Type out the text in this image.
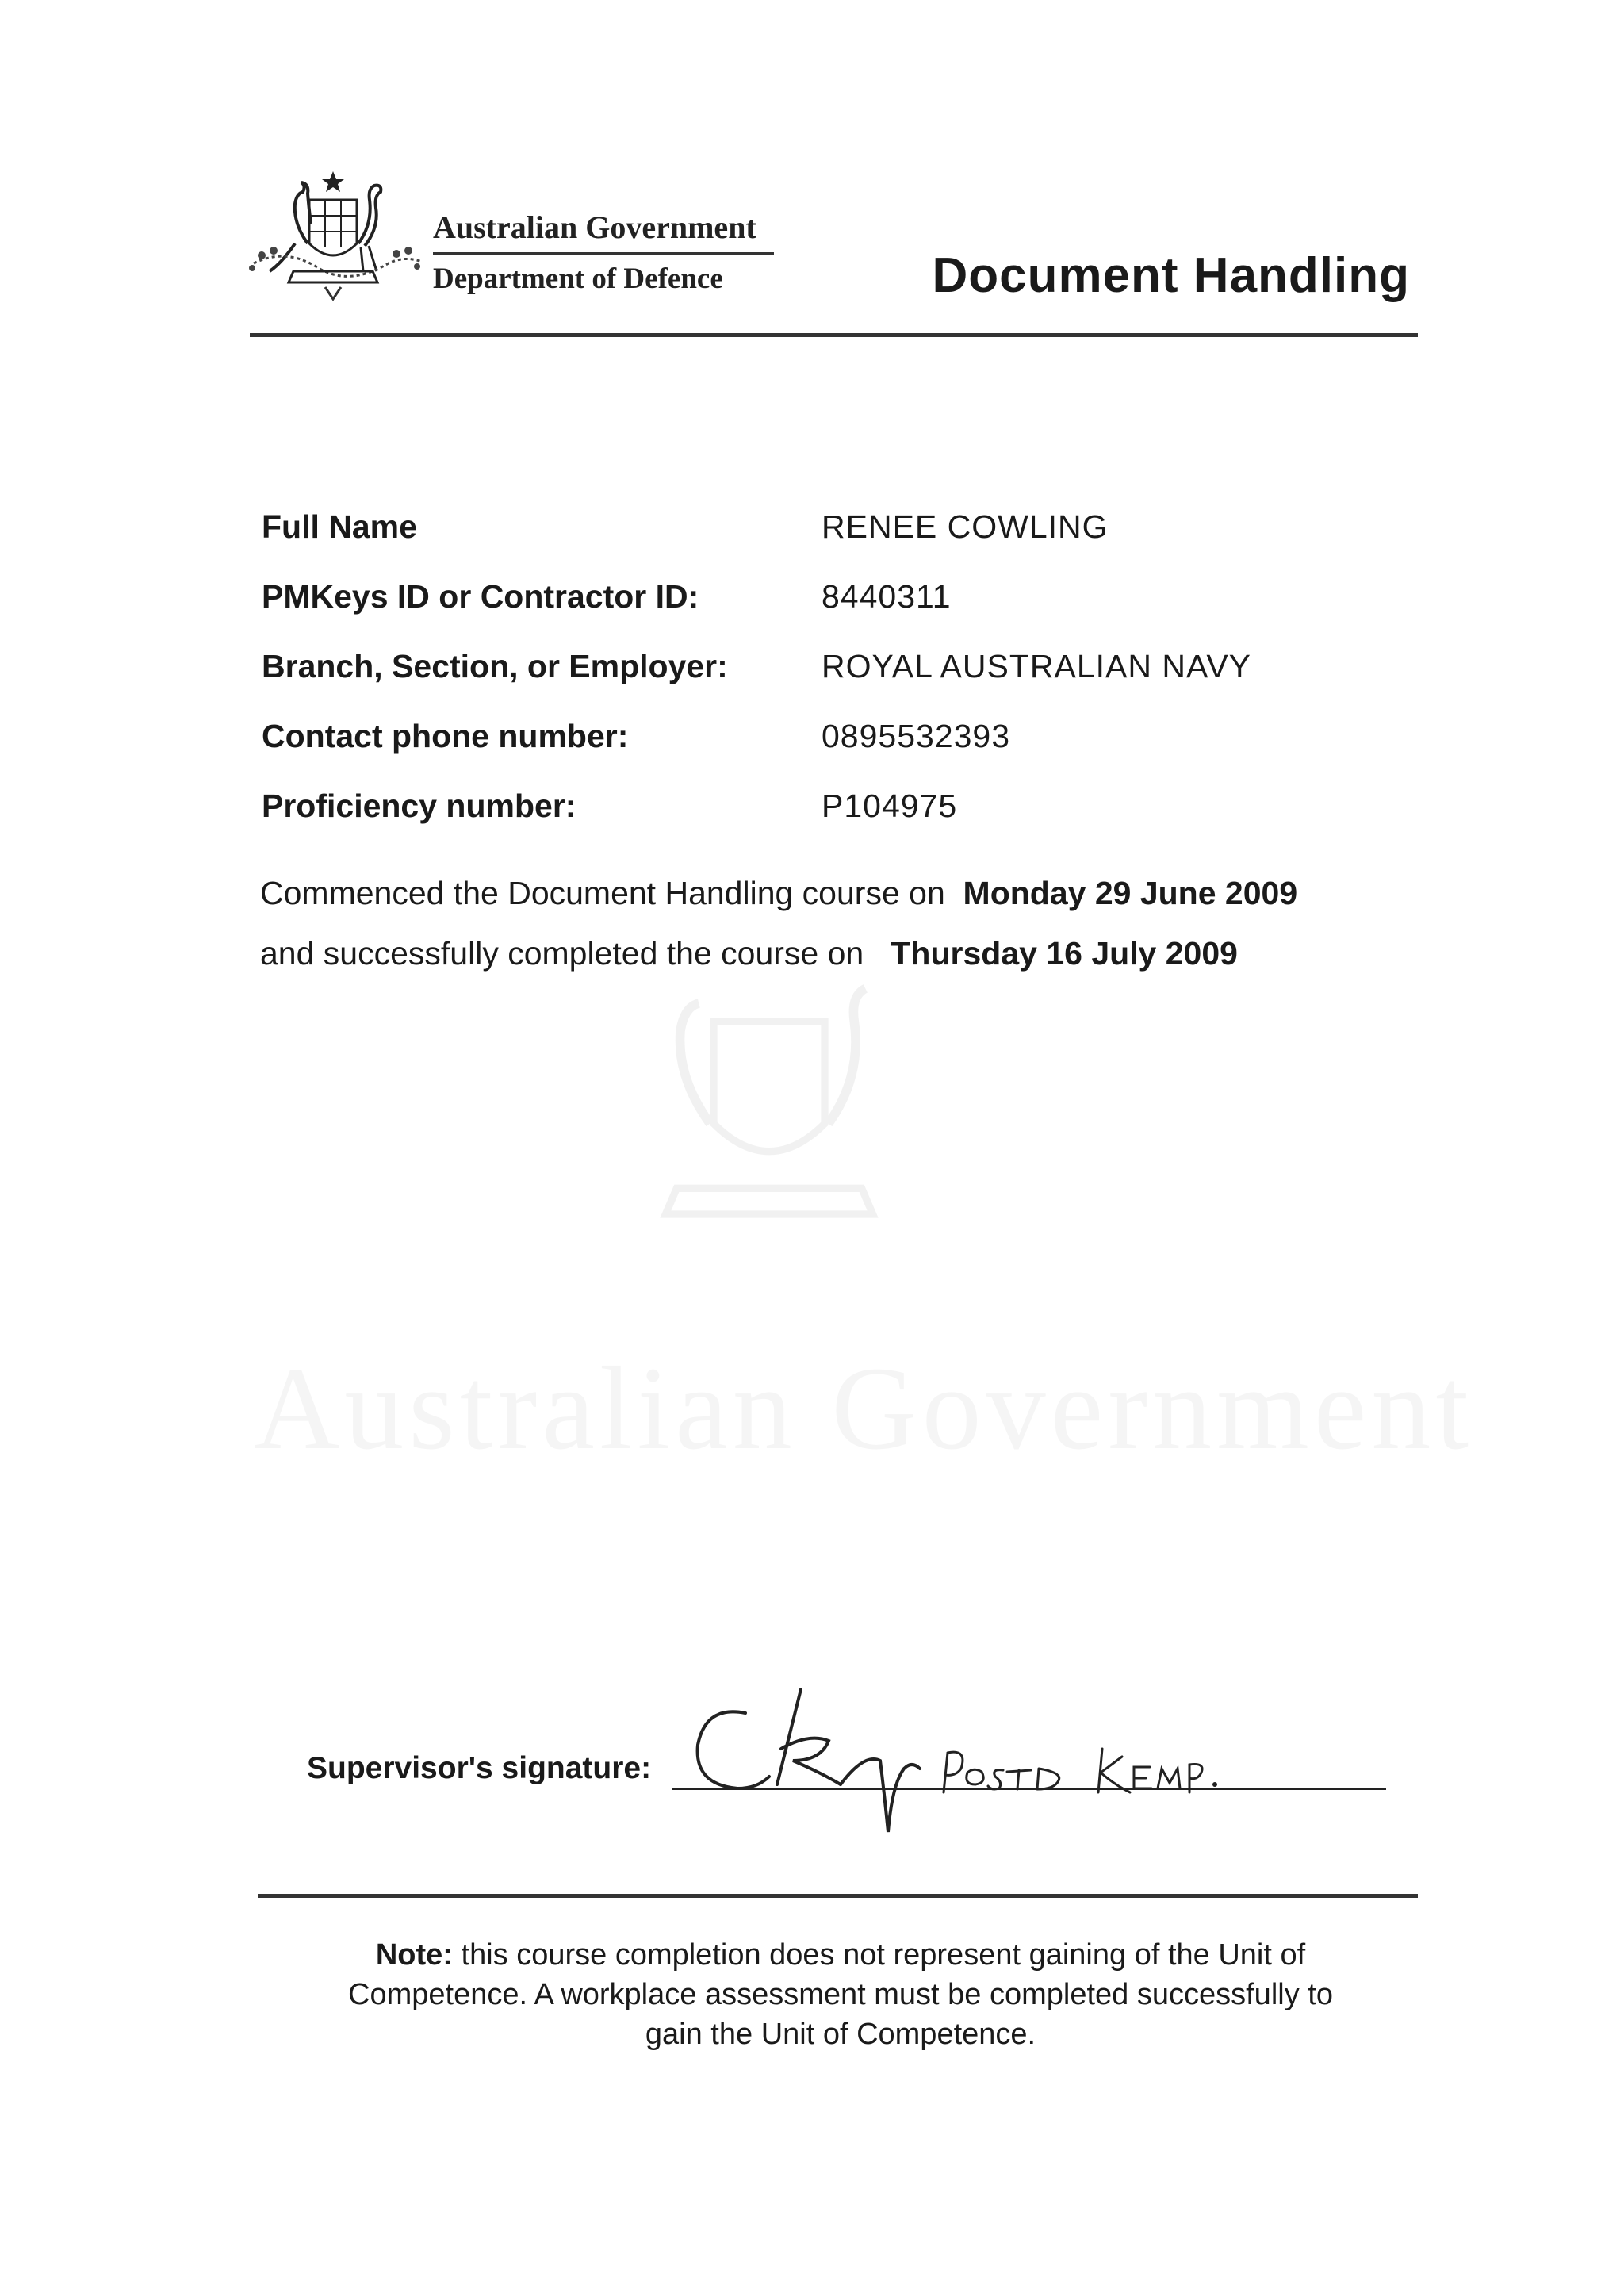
Australian Government
Department of Defence	Document Handling
Full Name	RENEE COWLING
PMKeys ID or Contractor ID:	8440311
Branch, Section, or Employer:	ROYAL AUSTRALIAN NAVY
Contact phone number:	0895532393
Proficiency number:	P104975
Commenced the Document Handling course on Monday 29 June 2009
and successfully completed the course on Thursday 16 July 2009
Supervisor's signature:
Note: this course completion does not represent gaining of the Unit of
Competence. A workplace assessment must be completed successfully to
gain the Unit of Competence.
